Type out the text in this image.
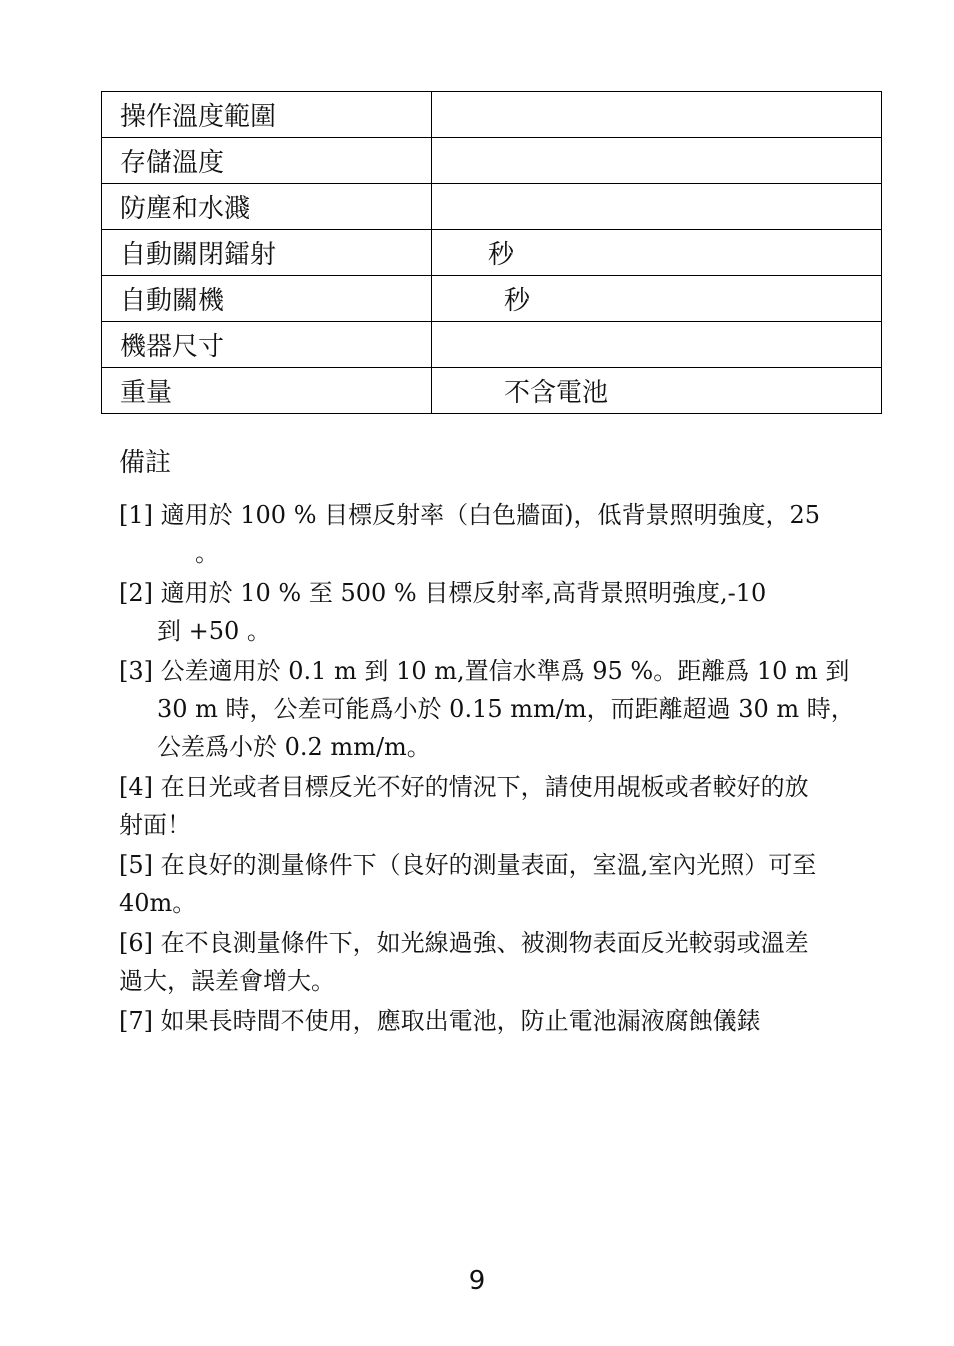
操作溫度範圍	
存儲溫度	
防塵和水濺	
自動關閉鐳射	秒
自動關機	秒
機器尺寸	
重量	不含電池

備註

[1] 適用於 100 % 目標反射率（白色牆面)，低背景照明強度，25
。

[2] 適用於 10 % 至 500 % 目標反射率,高背景照明強度,-10
到 +50 。

[3] 公差適用於 0.1 m 到 10 m,置信水準爲 95 %。距離爲 10 m 到
30 m 時，公差可能爲小於 0.15 mm/m，而距離超過 30 m 時，
公差爲小於 0.2 mm/m。

[4] 在日光或者目標反光不好的情況下，請使用覘板或者較好的放
射面！

[5] 在良好的測量條件下（良好的測量表面，室溫,室內光照）可至
40m。

[6] 在不良測量條件下，如光線過強、被測物表面反光較弱或溫差
過大，誤差會增大。

[7] 如果長時間不使用，應取出電池，防止電池漏液腐蝕儀錶

9
